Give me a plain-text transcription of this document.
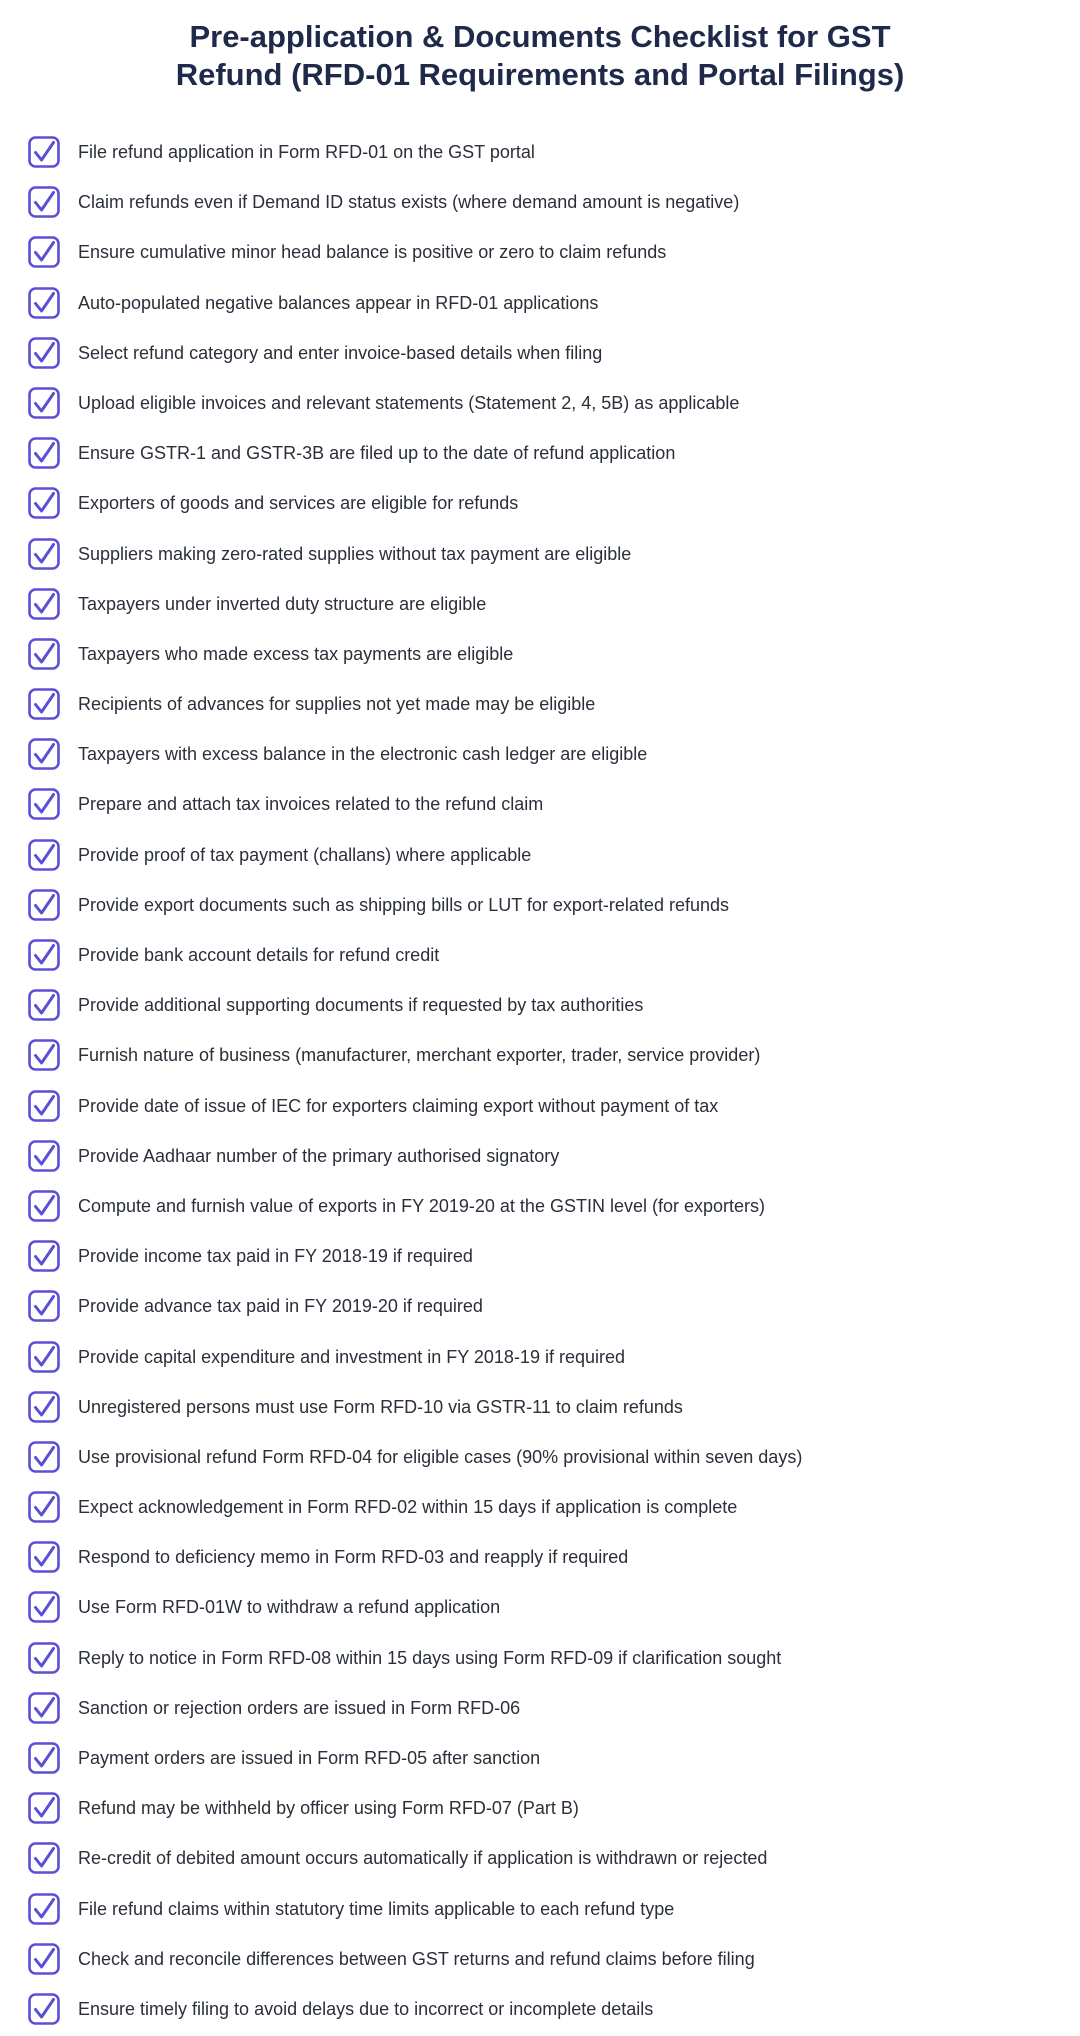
Pre-application & Documents Checklist for GST
Refund (RFD-01 Requirements and Portal Filings)
File refund application in Form RFD-01 on the GST portal
Claim refunds even if Demand ID status exists (where demand amount is negative)
Ensure cumulative minor head balance is positive or zero to claim refunds
Auto-populated negative balances appear in RFD-01 applications
Select refund category and enter invoice-based details when filing
Upload eligible invoices and relevant statements (Statement 2, 4, 5B) as applicable
Ensure GSTR-1 and GSTR-3B are filed up to the date of refund application
Exporters of goods and services are eligible for refunds
Suppliers making zero-rated supplies without tax payment are eligible
Taxpayers under inverted duty structure are eligible
Taxpayers who made excess tax payments are eligible
Recipients of advances for supplies not yet made may be eligible
Taxpayers with excess balance in the electronic cash ledger are eligible
Prepare and attach tax invoices related to the refund claim
Provide proof of tax payment (challans) where applicable
Provide export documents such as shipping bills or LUT for export-related refunds
Provide bank account details for refund credit
Provide additional supporting documents if requested by tax authorities
Furnish nature of business (manufacturer, merchant exporter, trader, service provider)
Provide date of issue of IEC for exporters claiming export without payment of tax
Provide Aadhaar number of the primary authorised signatory
Compute and furnish value of exports in FY 2019-20 at the GSTIN level (for exporters)
Provide income tax paid in FY 2018-19 if required
Provide advance tax paid in FY 2019-20 if required
Provide capital expenditure and investment in FY 2018-19 if required
Unregistered persons must use Form RFD-10 via GSTR-11 to claim refunds
Use provisional refund Form RFD-04 for eligible cases (90% provisional within seven days)
Expect acknowledgement in Form RFD-02 within 15 days if application is complete
Respond to deficiency memo in Form RFD-03 and reapply if required
Use Form RFD-01W to withdraw a refund application
Reply to notice in Form RFD-08 within 15 days using Form RFD-09 if clarification sought
Sanction or rejection orders are issued in Form RFD-06
Payment orders are issued in Form RFD-05 after sanction
Refund may be withheld by officer using Form RFD-07 (Part B)
Re-credit of debited amount occurs automatically if application is withdrawn or rejected
File refund claims within statutory time limits applicable to each refund type
Check and reconcile differences between GST returns and refund claims before filing
Ensure timely filing to avoid delays due to incorrect or incomplete details
